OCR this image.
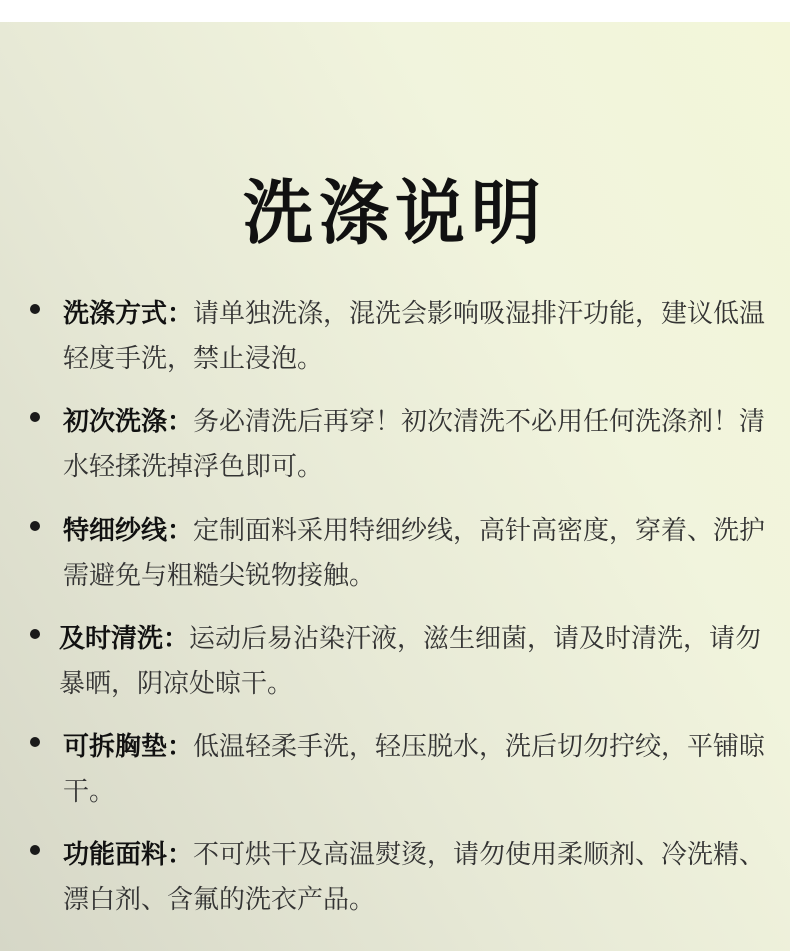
洗涤说明
洗涤方式：请单独洗涤，混洗会影响吸湿排汗功能，建议低温轻度手洗，禁止浸泡。
初次洗涤：务必清洗后再穿！初次清洗不必用任何洗涤剂！清水轻揉洗掉浮色即可。
特细纱线：定制面料采用特细纱线，高针高密度，穿着、洗护需避免与粗糙尖锐物接触。
及时清洗：运动后易沾染汗液，滋生细菌，请及时清洗，请勿暴晒，阴凉处晾干。
可拆胸垫：低温轻柔手洗，轻压脱水，洗后切勿拧绞，平铺晾干。
功能面料：不可烘干及高温熨烫，请勿使用柔顺剂、冷洗精、漂白剂、含氟的洗衣产品。
